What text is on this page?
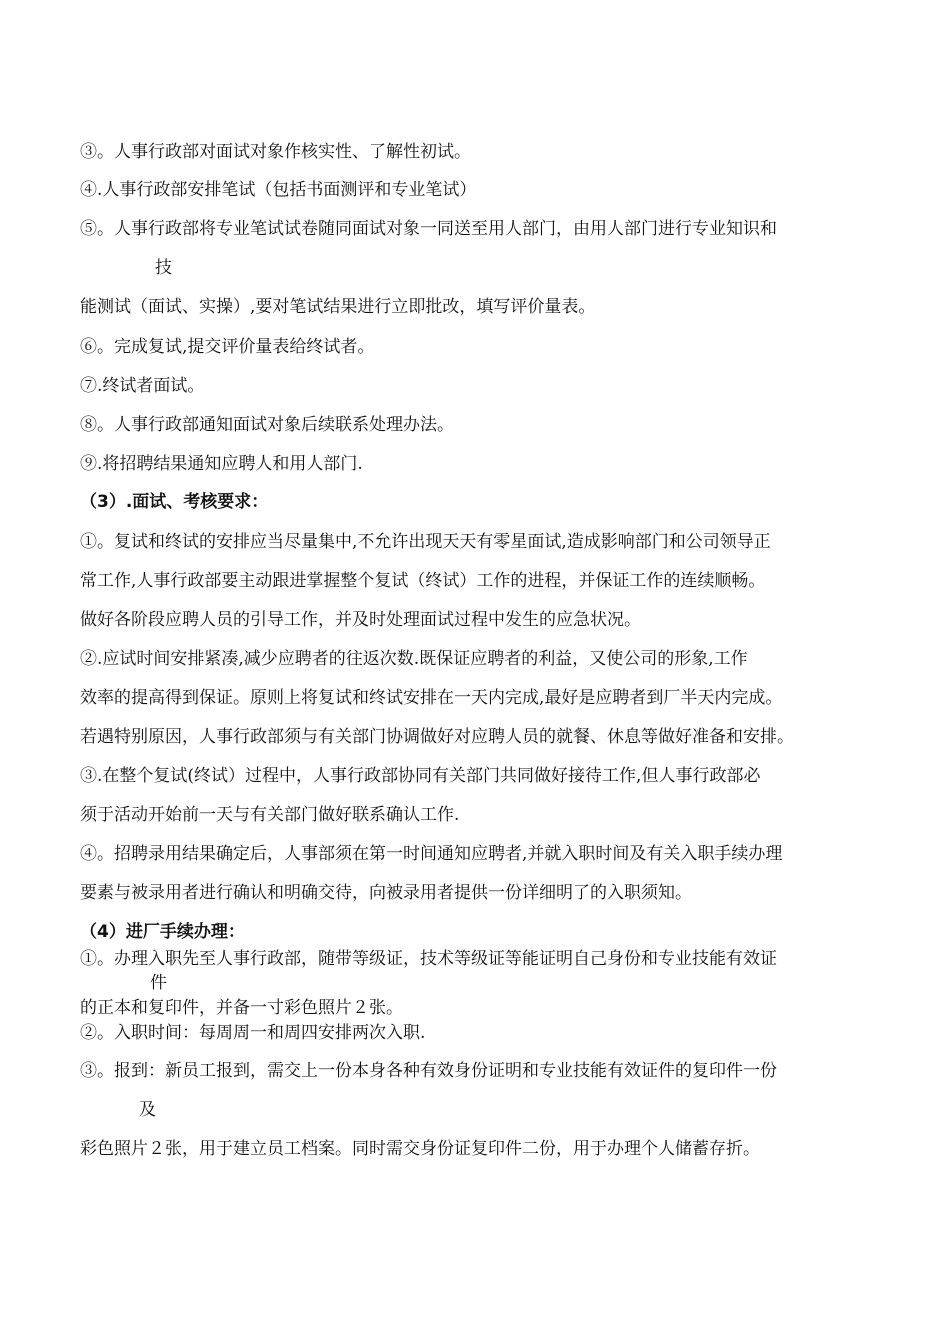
③。人事行政部对面试对象作核实性、了解性初试。
④.人事行政部安排笔试（包括书面测评和专业笔试）
⑤。人事行政部将专业笔试试卷随同面试对象一同送至用人部门，由用人部门进行专业知识和
技
能测试（面试、实操）,要对笔试结果进行立即批改，填写评价量表。
⑥。完成复试,提交评价量表给终试者。
⑦.终试者面试。
⑧。人事行政部通知面试对象后续联系处理办法。
⑨.将招聘结果通知应聘人和用人部门.
（3）.面试、考核要求：
①。复试和终试的安排应当尽量集中,不允许出现天天有零星面试,造成影响部门和公司领导正
常工作,人事行政部要主动跟进掌握整个复试（终试）工作的进程，并保证工作的连续顺畅。
做好各阶段应聘人员的引导工作，并及时处理面试过程中发生的应急状况。
②.应试时间安排紧凑,减少应聘者的往返次数.既保证应聘者的利益，又使公司的形象,工作
效率的提高得到保证。原则上将复试和终试安排在一天内完成,最好是应聘者到厂半天内完成。
若遇特别原因，人事行政部须与有关部门协调做好对应聘人员的就餐、休息等做好准备和安排。
③.在整个复试(终试）过程中，人事行政部协同有关部门共同做好接待工作,但人事行政部必
须于活动开始前一天与有关部门做好联系确认工作.
④。招聘录用结果确定后，人事部须在第一时间通知应聘者,并就入职时间及有关入职手续办理
要素与被录用者进行确认和明确交待，向被录用者提供一份详细明了的入职须知。
（4）进厂手续办理：
①。办理入职先至人事行政部，随带等级证，技术等级证等能证明自己身份和专业技能有效证
件
的正本和复印件，并备一寸彩色照片２张。
②。入职时间：每周周一和周四安排两次入职.
③。报到：新员工报到，需交上一份本身各种有效身份证明和专业技能有效证件的复印件一份
及
彩色照片２张，用于建立员工档案。同时需交身份证复印件二份，用于办理个人储蓄存折。
